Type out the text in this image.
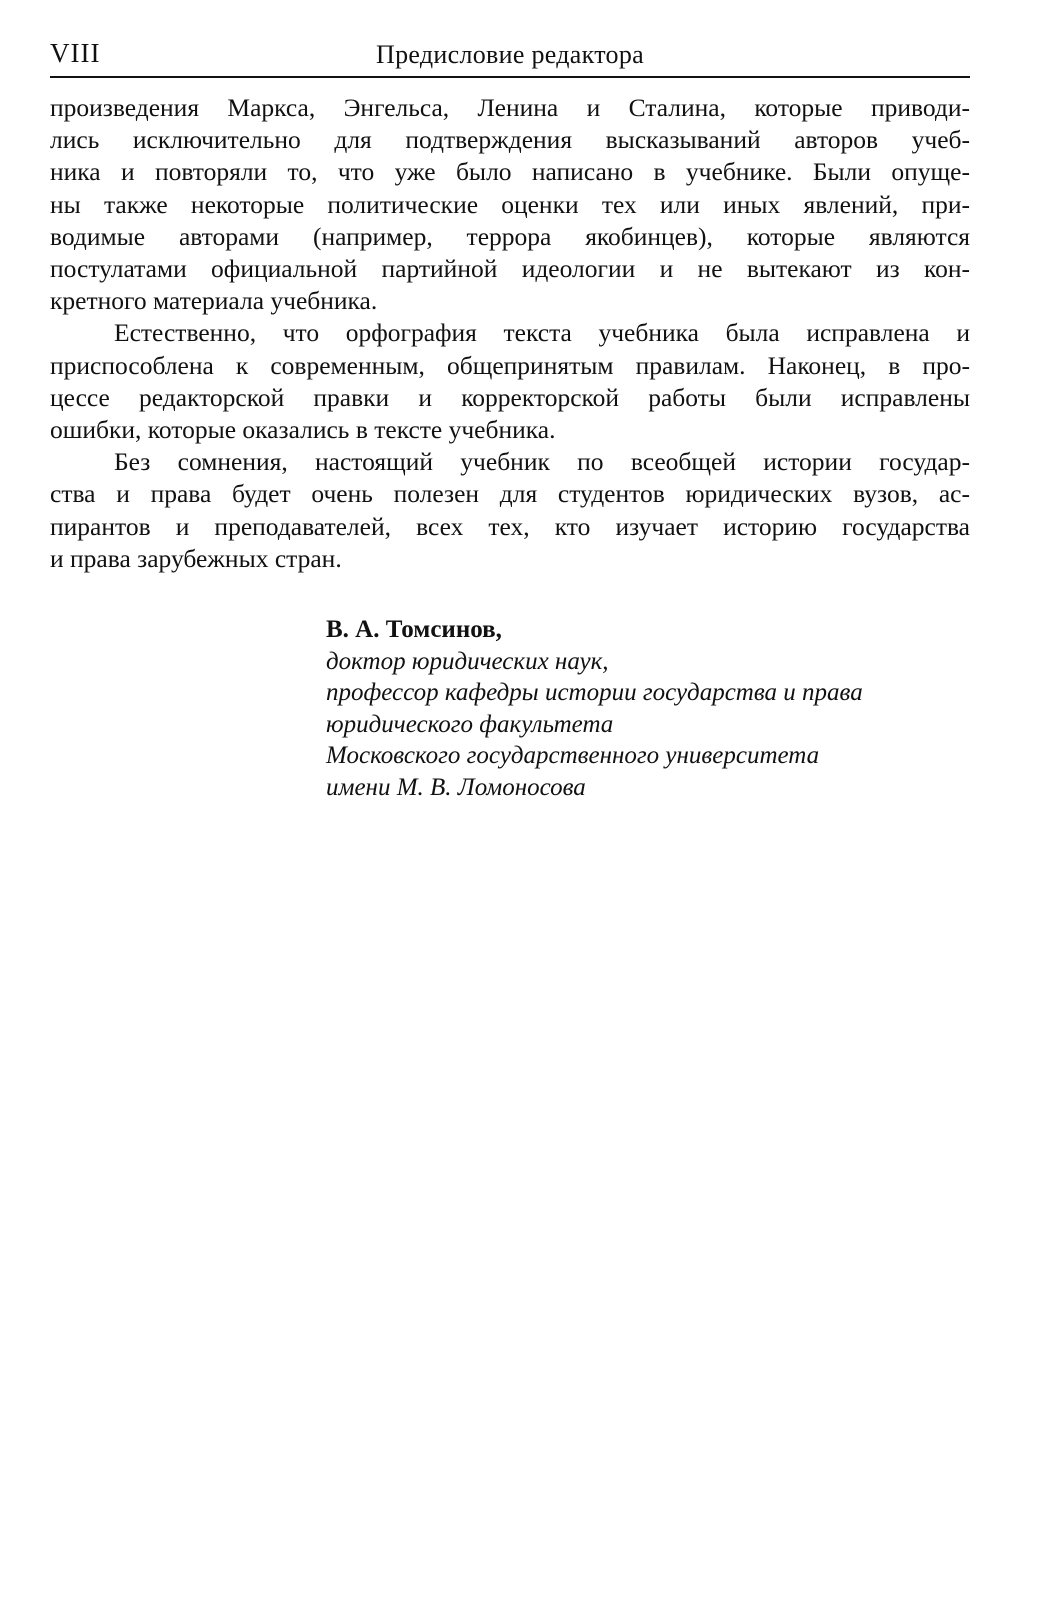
VIII	Предисловие редактора
произведения Маркса, Энгельса, Ленина и Сталина, которые приводи-
лись исключительно для подтверждения высказываний авторов учеб-
ника и повторяли то, что уже было написано в учебнике. Были опуще-
ны также некоторые политические оценки тех или иных явлений, при-
водимые авторами (например, террора якобинцев), которые являются
постулатами официальной партийной идеологии и не вытекают из кон-
кретного материала учебника.
Естественно, что орфография текста учебника была исправлена и
приспособлена к современным, общепринятым правилам. Наконец, в про-
цессе редакторской правки и корректорской работы были исправлены
ошибки, которые оказались в тексте учебника.
Без сомнения, настоящий учебник по всеобщей истории государ-
ства и права будет очень полезен для студентов юридических вузов, ас-
пирантов и преподавателей, всех тех, кто изучает историю государства
и права зарубежных стран.
В. А. Томсинов,
доктор юридических наук,
профессор кафедры истории государства и права
юридического факультета
Московского государственного университета
имени М. В. Ломоносова
